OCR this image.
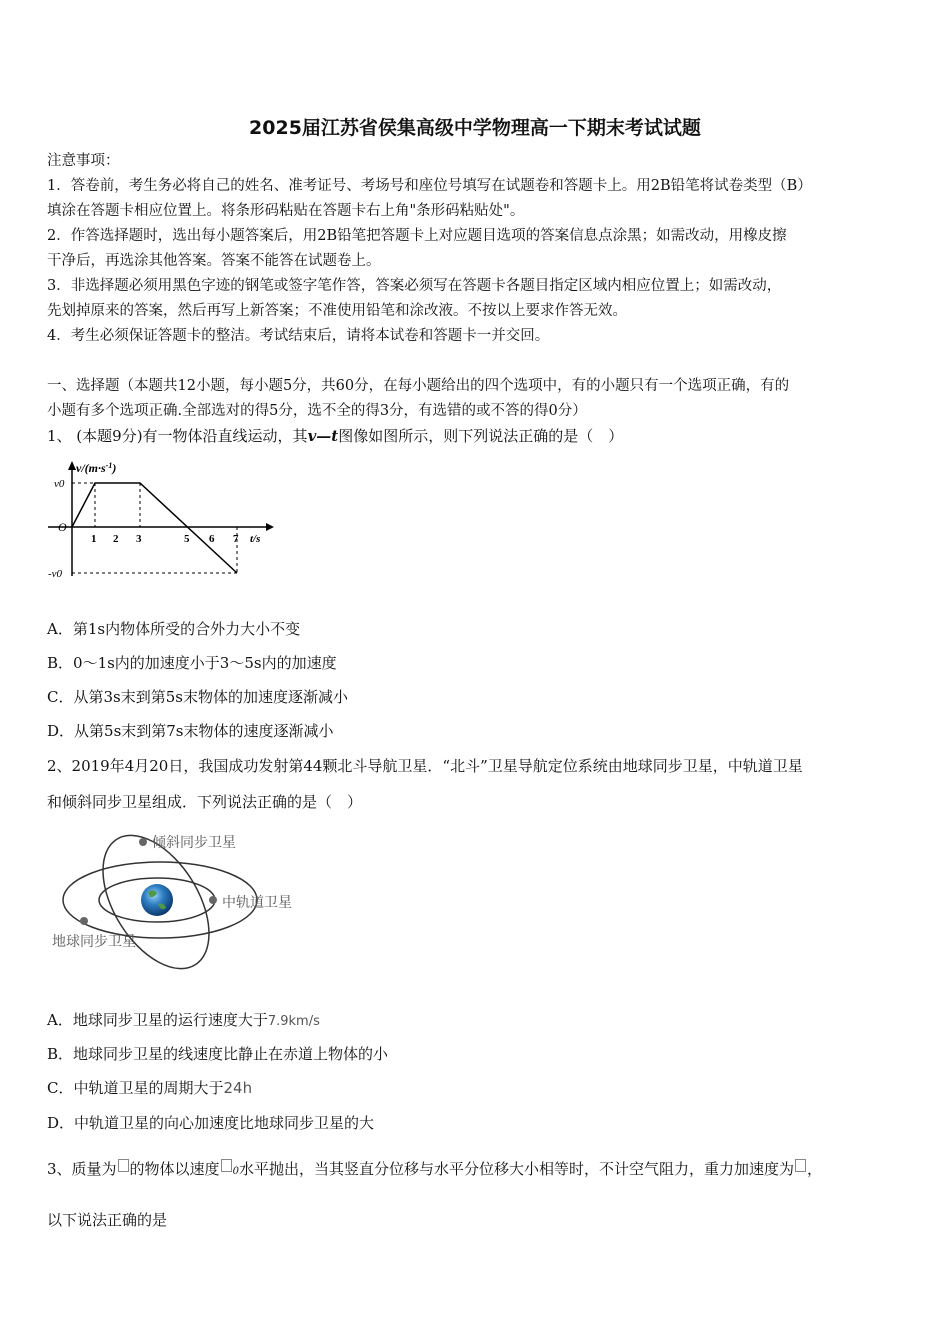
2025届江苏省侯集高级中学物理高一下期末考试试题
注意事项：
1．答卷前，考生务必将自己的姓名、准考证号、考场号和座位号填写在试题卷和答题卡上。用2B铅笔将试卷类型（B）
填涂在答题卡相应位置上。将条形码粘贴在答题卡右上角"条形码粘贴处"。
2．作答选择题时，选出每小题答案后，用2B铅笔把答题卡上对应题目选项的答案信息点涂黑；如需改动，用橡皮擦
干净后，再选涂其他答案。答案不能答在试题卷上。
3．非选择题必须用黑色字迹的钢笔或签字笔作答，答案必须写在答题卡各题目指定区域内相应位置上；如需改动，
先划掉原来的答案，然后再写上新答案；不准使用铅笔和涂改液。不按以上要求作答无效。
4．考生必须保证答题卡的整洁。考试结束后，请将本试卷和答题卡一并交回。
一、选择题（本题共12小题，每小题5分，共60分，在每小题给出的四个选项中，有的小题只有一个选项正确，有的
小题有多个选项正确.全部选对的得5分，选不全的得3分，有选错的或不答的得0分）
1、 (本题9分)有一物体沿直线运动，其v—t图像如图所示，则下列说法正确的是（　）
$v/(m\cdot s^{-1})$
v0
O
-v0
1 2 3	5 6 7 t/s
A．第1s内物体所受的合外力大小不变
B．0～1s内的加速度小于3～5s内的加速度
C．从第3s末到第5s末物体的加速度逐渐减小
D．从第5s末到第7s末物体的速度逐渐减小
2、2019年4月20日，我国成功发射第44颗北斗导航卫星．“北斗”卫星导航定位系统由地球同步卫星，中轨道卫星
和倾斜同步卫星组成．下列说法正确的是（　）
倾斜同步卫星
中轨道卫星
地球同步卫星
A．地球同步卫星的运行速度大于7.9km/s
B．地球同步卫星的线速度比静止在赤道上物体的小
C．中轨道卫星的周期大于24h
D．中轨道卫星的向心加速度比地球同步卫星的大
3、质量为 的物体以速度 0水平抛出，当其竖直分位移与水平分位移大小相等时，不计空气阻力，重力加速度为 ，
以下说法正确的是
